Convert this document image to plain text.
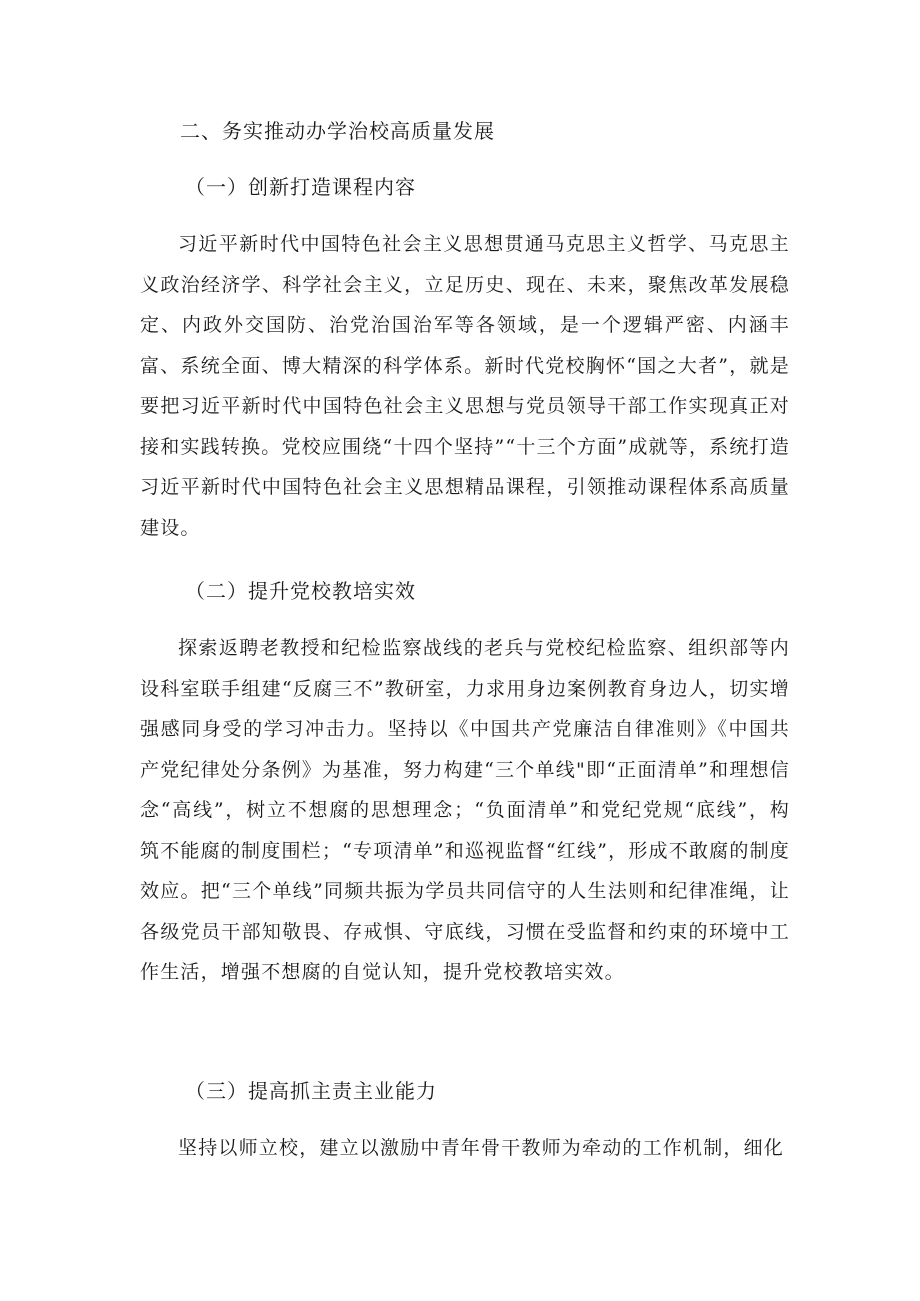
二、务实推动办学治校高质量发展
（一）创新打造课程内容

习近平新时代中国特色社会主义思想贯通马克思主义哲学、马克思主义政治经济学、科学社会主义，立足历史、现在、未来，聚焦改革发展稳定、内政外交国防、治党治国治军等各领域，是一个逻辑严密、内涵丰富、系统全面、博大精深的科学体系。新时代党校胸怀“国之大者”，就是要把习近平新时代中国特色社会主义思想与党员领导干部工作实现真正对接和实践转换。党校应围绕“十四个坚持”“十三个方面”成就等，系统打造习近平新时代中国特色社会主义思想精品课程，引领推动课程体系高质量建设。

（二）提升党校教培实效

探索返聘老教授和纪检监察战线的老兵与党校纪检监察、组织部等内设科室联手组建“反腐三不”教研室，力求用身边案例教育身边人，切实增强感同身受的学习冲击力。坚持以《中国共产党廉洁自律准则》《中国共产党纪律处分条例》为基准，努力构建“三个单线"即“正面清单”和理想信念“高线”，树立不想腐的思想理念；“负面清单”和党纪党规“底线”，构筑不能腐的制度围栏；“专项清单”和巡视监督“红线”，形成不敢腐的制度效应。把“三个单线”同频共振为学员共同信守的人生法则和纪律准绳，让各级党员干部知敬畏、存戒惧、守底线，习惯在受监督和约束的环境中工作生活，增强不想腐的自觉认知，提升党校教培实效。

（三）提高抓主责主业能力

坚持以师立校，建立以激励中青年骨干教师为牵动的工作机制，细化
